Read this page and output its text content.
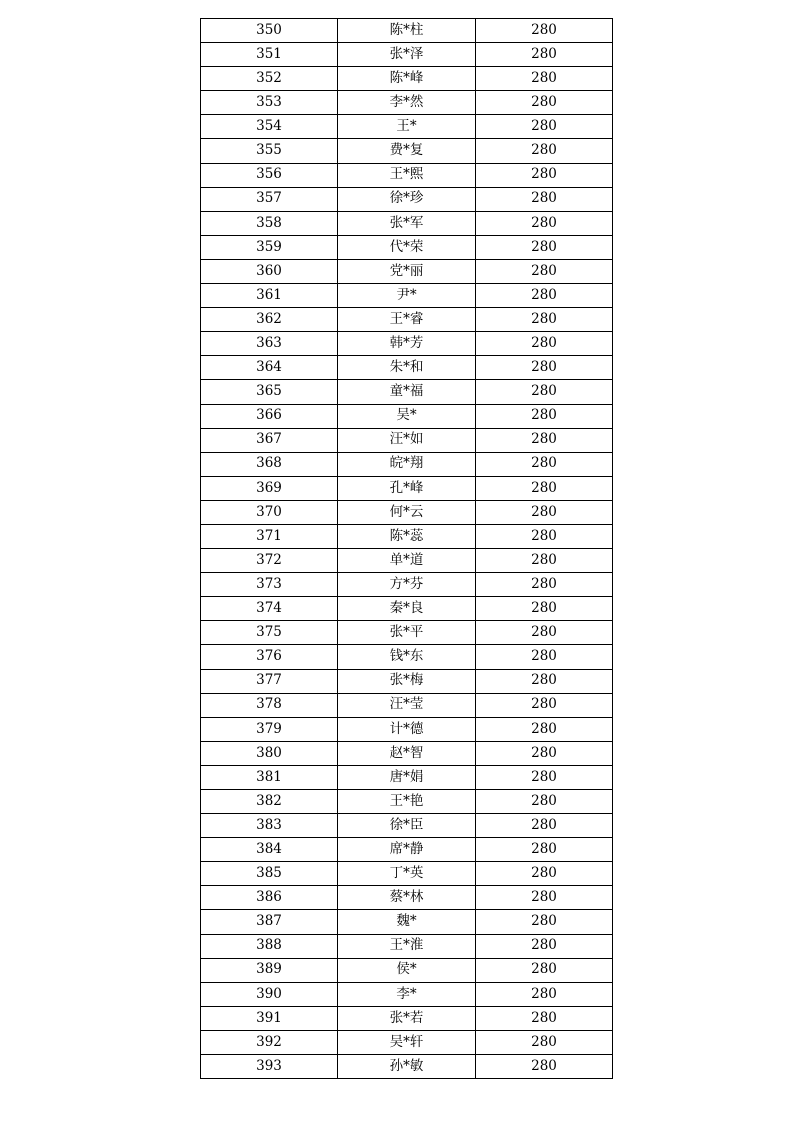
350	陈*柱	280
351	张*泽	280
352	陈*峰	280
353	李*然	280
354	王*	280
355	费*复	280
356	王*熙	280
357	徐*珍	280
358	张*军	280
359	代*荣	280
360	党*丽	280
361	尹*	280
362	王*睿	280
363	韩*芳	280
364	朱*和	280
365	童*福	280
366	吴*	280
367	汪*如	280
368	皖*翔	280
369	孔*峰	280
370	何*云	280
371	陈*蕊	280
372	单*道	280
373	方*芬	280
374	秦*良	280
375	张*平	280
376	钱*东	280
377	张*梅	280
378	汪*莹	280
379	计*德	280
380	赵*智	280
381	唐*娟	280
382	王*艳	280
383	徐*臣	280
384	席*静	280
385	丁*英	280
386	蔡*林	280
387	魏*	280
388	王*淮	280
389	侯*	280
390	李*	280
391	张*若	280
392	吴*轩	280
393	孙*敏	280
